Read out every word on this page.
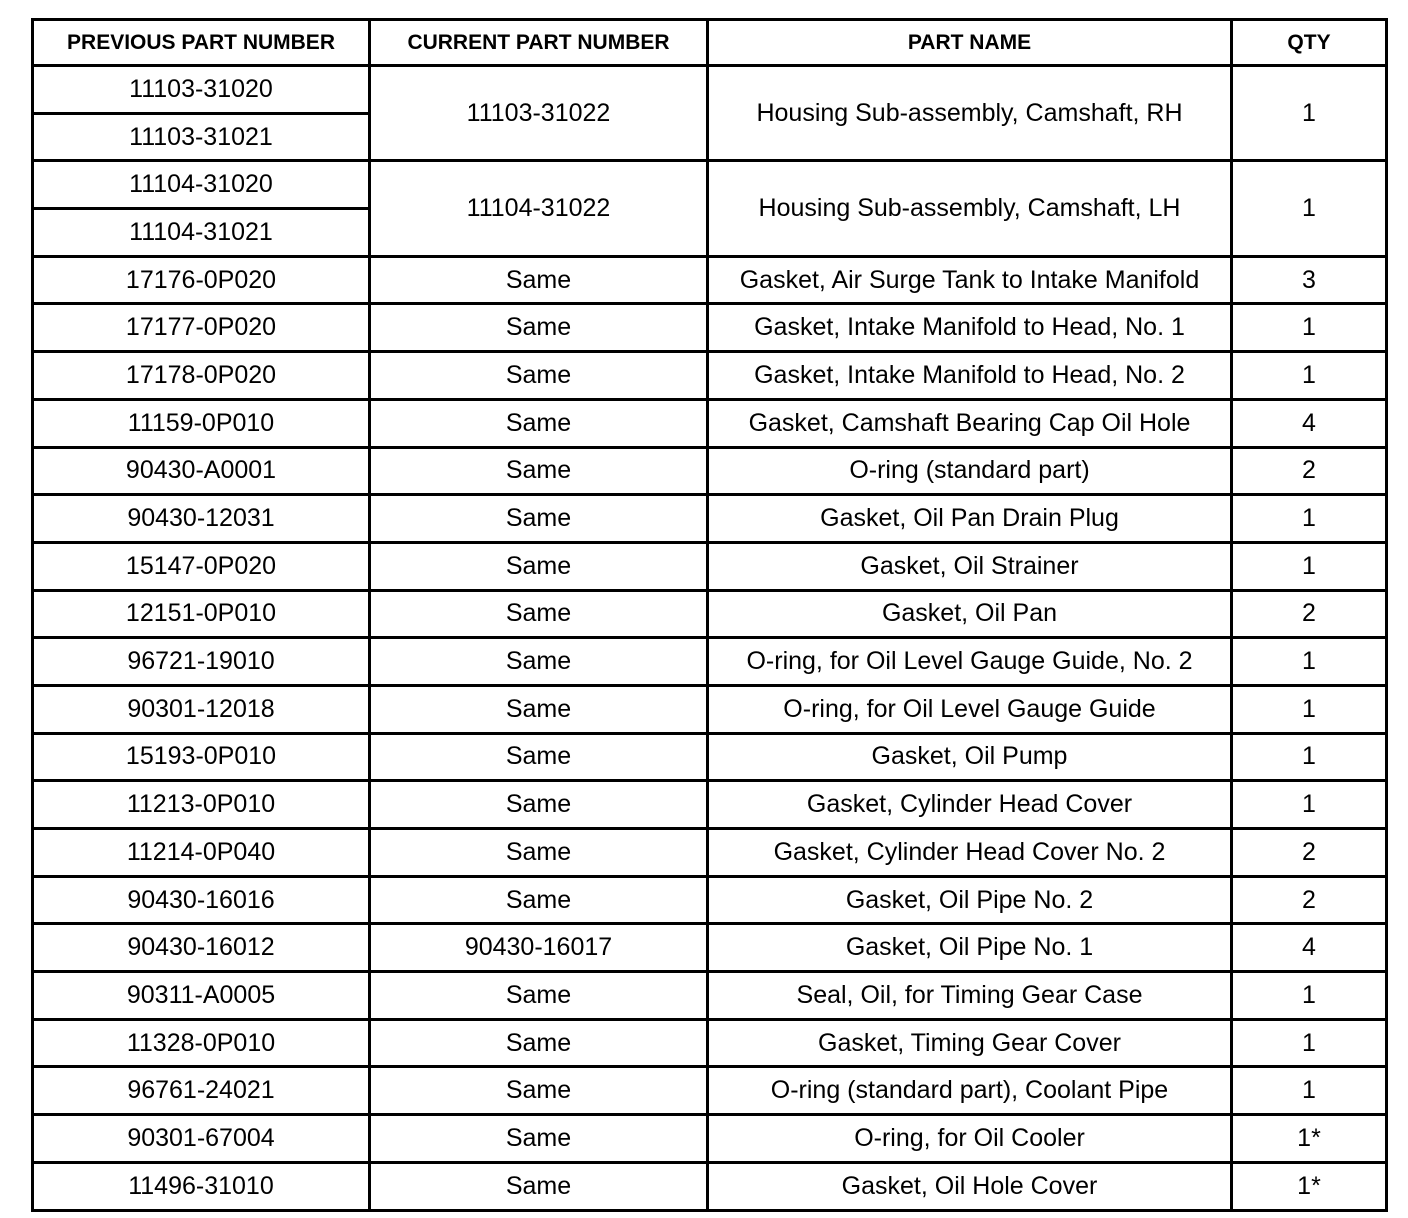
PREVIOUS PART NUMBER	CURRENT PART NUMBER	PART NAME	QTY
11103-31020	11103-31022	Housing Sub-assembly, Camshaft, RH	1
11103-31021			
11104-31020	11104-31022	Housing Sub-assembly, Camshaft, LH	1
11104-31021			
17176-0P020	Same	Gasket, Air Surge Tank to Intake Manifold	3
17177-0P020	Same	Gasket, Intake Manifold to Head, No. 1	1
17178-0P020	Same	Gasket, Intake Manifold to Head, No. 2	1
11159-0P010	Same	Gasket, Camshaft Bearing Cap Oil Hole	4
90430-A0001	Same	O-ring (standard part)	2
90430-12031	Same	Gasket, Oil Pan Drain Plug	1
15147-0P020	Same	Gasket, Oil Strainer	1
12151-0P010	Same	Gasket, Oil Pan	2
96721-19010	Same	O-ring, for Oil Level Gauge Guide, No. 2	1
90301-12018	Same	O-ring, for Oil Level Gauge Guide	1
15193-0P010	Same	Gasket, Oil Pump	1
11213-0P010	Same	Gasket, Cylinder Head Cover	1
11214-0P040	Same	Gasket, Cylinder Head Cover No. 2	2
90430-16016	Same	Gasket, Oil Pipe No. 2	2
90430-16012	90430-16017	Gasket, Oil Pipe No. 1	4
90311-A0005	Same	Seal, Oil, for Timing Gear Case	1
11328-0P010	Same	Gasket, Timing Gear Cover	1
96761-24021	Same	O-ring (standard part), Coolant Pipe	1
90301-67004	Same	O-ring, for Oil Cooler	1*
11496-31010	Same	Gasket, Oil Hole Cover	1*
